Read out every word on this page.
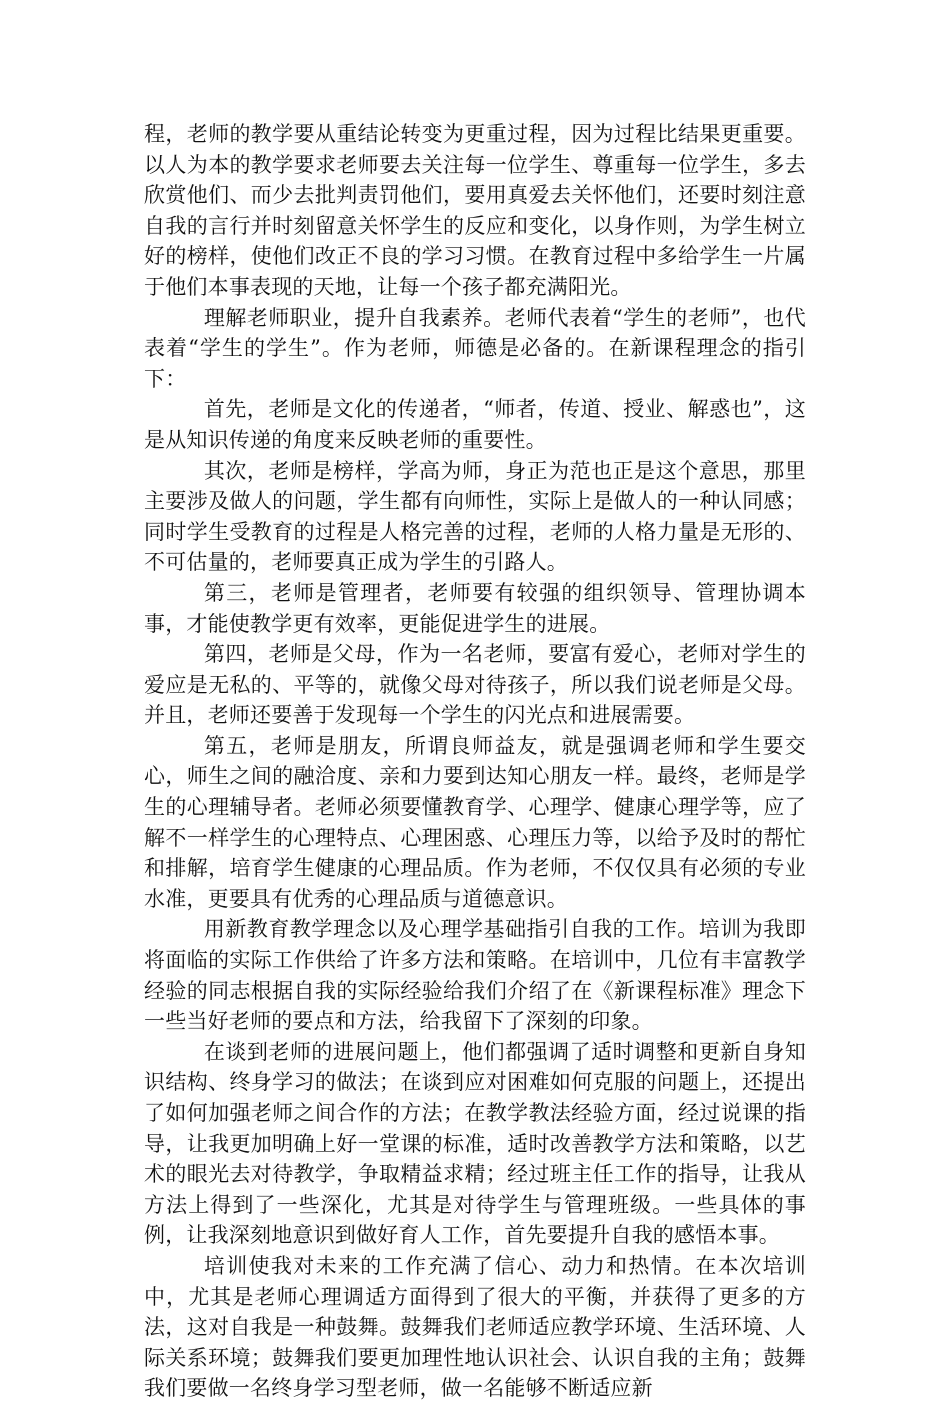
程，老师的教学要从重结论转变为更重过程，因为过程比结果更重要。以人为本的教学要求老师要去关注每一位学生、尊重每一位学生，多去欣赏他们、而少去批判责罚他们，要用真爱去关怀他们，还要时刻注意自我的言行并时刻留意关怀学生的反应和变化，以身作则，为学生树立好的榜样，使他们改正不良的学习习惯。在教育过程中多给学生一片属于他们本事表现的天地，让每一个孩子都充满阳光。

理解老师职业，提升自我素养。老师代表着“学生的老师”，也代表着“学生的学生”。作为老师，师德是必备的。在新课程理念的指引下：

首先，老师是文化的传递者，“师者，传道、授业、解惑也”，这是从知识传递的角度来反映老师的重要性。

其次，老师是榜样，学高为师，身正为范也正是这个意思，那里主要涉及做人的问题，学生都有向师性，实际上是做人的一种认同感；同时学生受教育的过程是人格完善的过程，老师的人格力量是无形的、不可估量的，老师要真正成为学生的引路人。

第三，老师是管理者，老师要有较强的组织领导、管理协调本事，才能使教学更有效率，更能促进学生的进展。

第四，老师是父母，作为一名老师，要富有爱心，老师对学生的爱应是无私的、平等的，就像父母对待孩子，所以我们说老师是父母。并且，老师还要善于发现每一个学生的闪光点和进展需要。

第五，老师是朋友，所谓良师益友，就是强调老师和学生要交心，师生之间的融洽度、亲和力要到达知心朋友一样。最终，老师是学生的心理辅导者。老师必须要懂教育学、心理学、健康心理学等，应了解不一样学生的心理特点、心理困惑、心理压力等，以给予及时的帮忙和排解，培育学生健康的心理品质。作为老师，不仅仅具有必须的专业水准，更要具有优秀的心理品质与道德意识。

用新教育教学理念以及心理学基础指引自我的工作。培训为我即将面临的实际工作供给了许多方法和策略。在培训中，几位有丰富教学经验的同志根据自我的实际经验给我们介绍了在《新课程标准》理念下一些当好老师的要点和方法，给我留下了深刻的印象。

在谈到老师的进展问题上，他们都强调了适时调整和更新自身知识结构、终身学习的做法；在谈到应对困难如何克服的问题上，还提出了如何加强老师之间合作的方法；在教学教法经验方面，经过说课的指导，让我更加明确上好一堂课的标准，适时改善教学方法和策略，以艺术的眼光去对待教学，争取精益求精；经过班主任工作的指导，让我从方法上得到了一些深化，尤其是对待学生与管理班级。一些具体的事例，让我深刻地意识到做好育人工作，首先要提升自我的感悟本事。

培训使我对未来的工作充满了信心、动力和热情。在本次培训中，尤其是老师心理调适方面得到了很大的平衡，并获得了更多的方法，这对自我是一种鼓舞。鼓舞我们老师适应教学环境、生活环境、人际关系环境；鼓舞我们要更加理性地认识社会、认识自我的主角；鼓舞我们要做一名终身学习型老师，做一名能够不断适应新
